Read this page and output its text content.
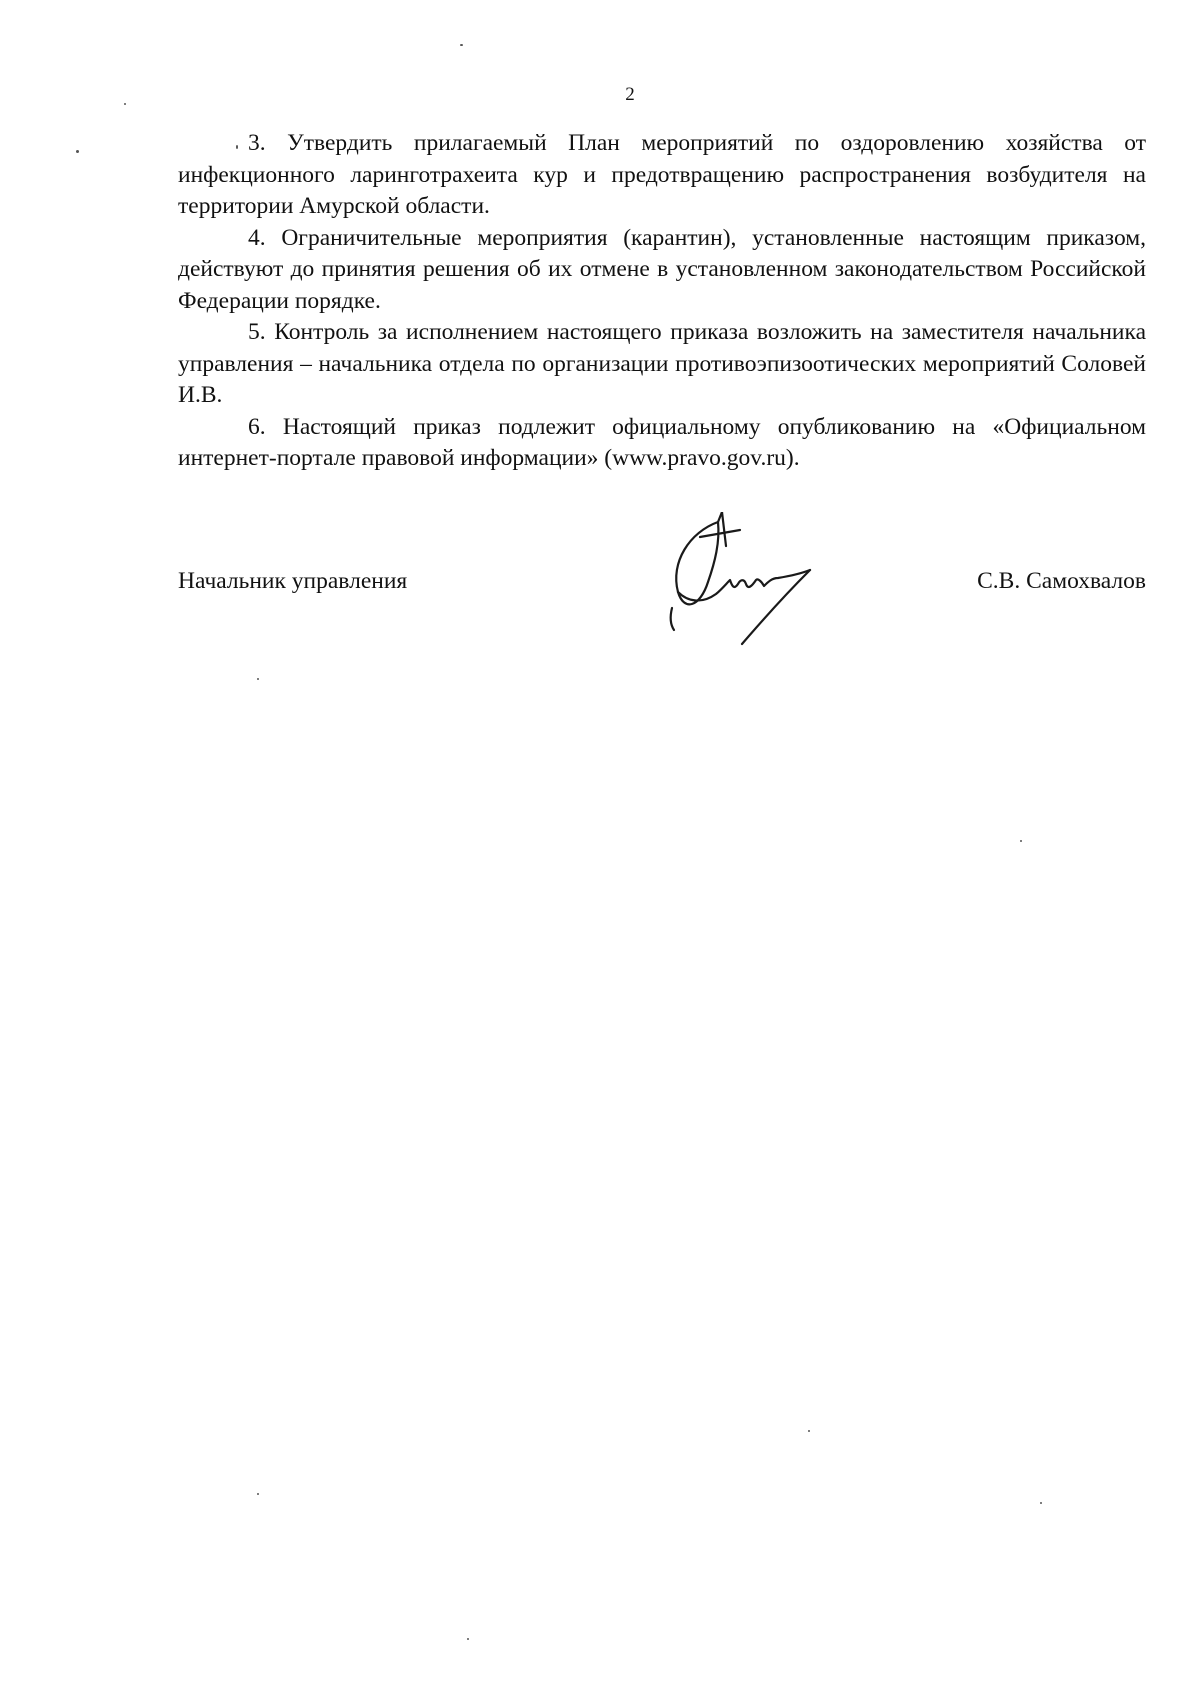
2

3. Утвердить прилагаемый План мероприятий по оздоровлению хозяйства от инфекционного ларинготрахеита кур и предотвращению распространения возбудителя на территории Амурской области.

4. Ограничительные мероприятия (карантин), установленные настоящим приказом, действуют до принятия решения об их отмене в установленном законодательством Российской Федерации порядке.

5. Контроль за исполнением настоящего приказа возложить на заместителя начальника управления – начальника отдела по организации противоэпизоотических мероприятий Соловей И.В.

6. Настоящий приказ подлежит официальному опубликованию на «Официальном интернет-портале правовой информации» (www.pravo.gov.ru).

Начальник управления	С.В. Самохвалов
